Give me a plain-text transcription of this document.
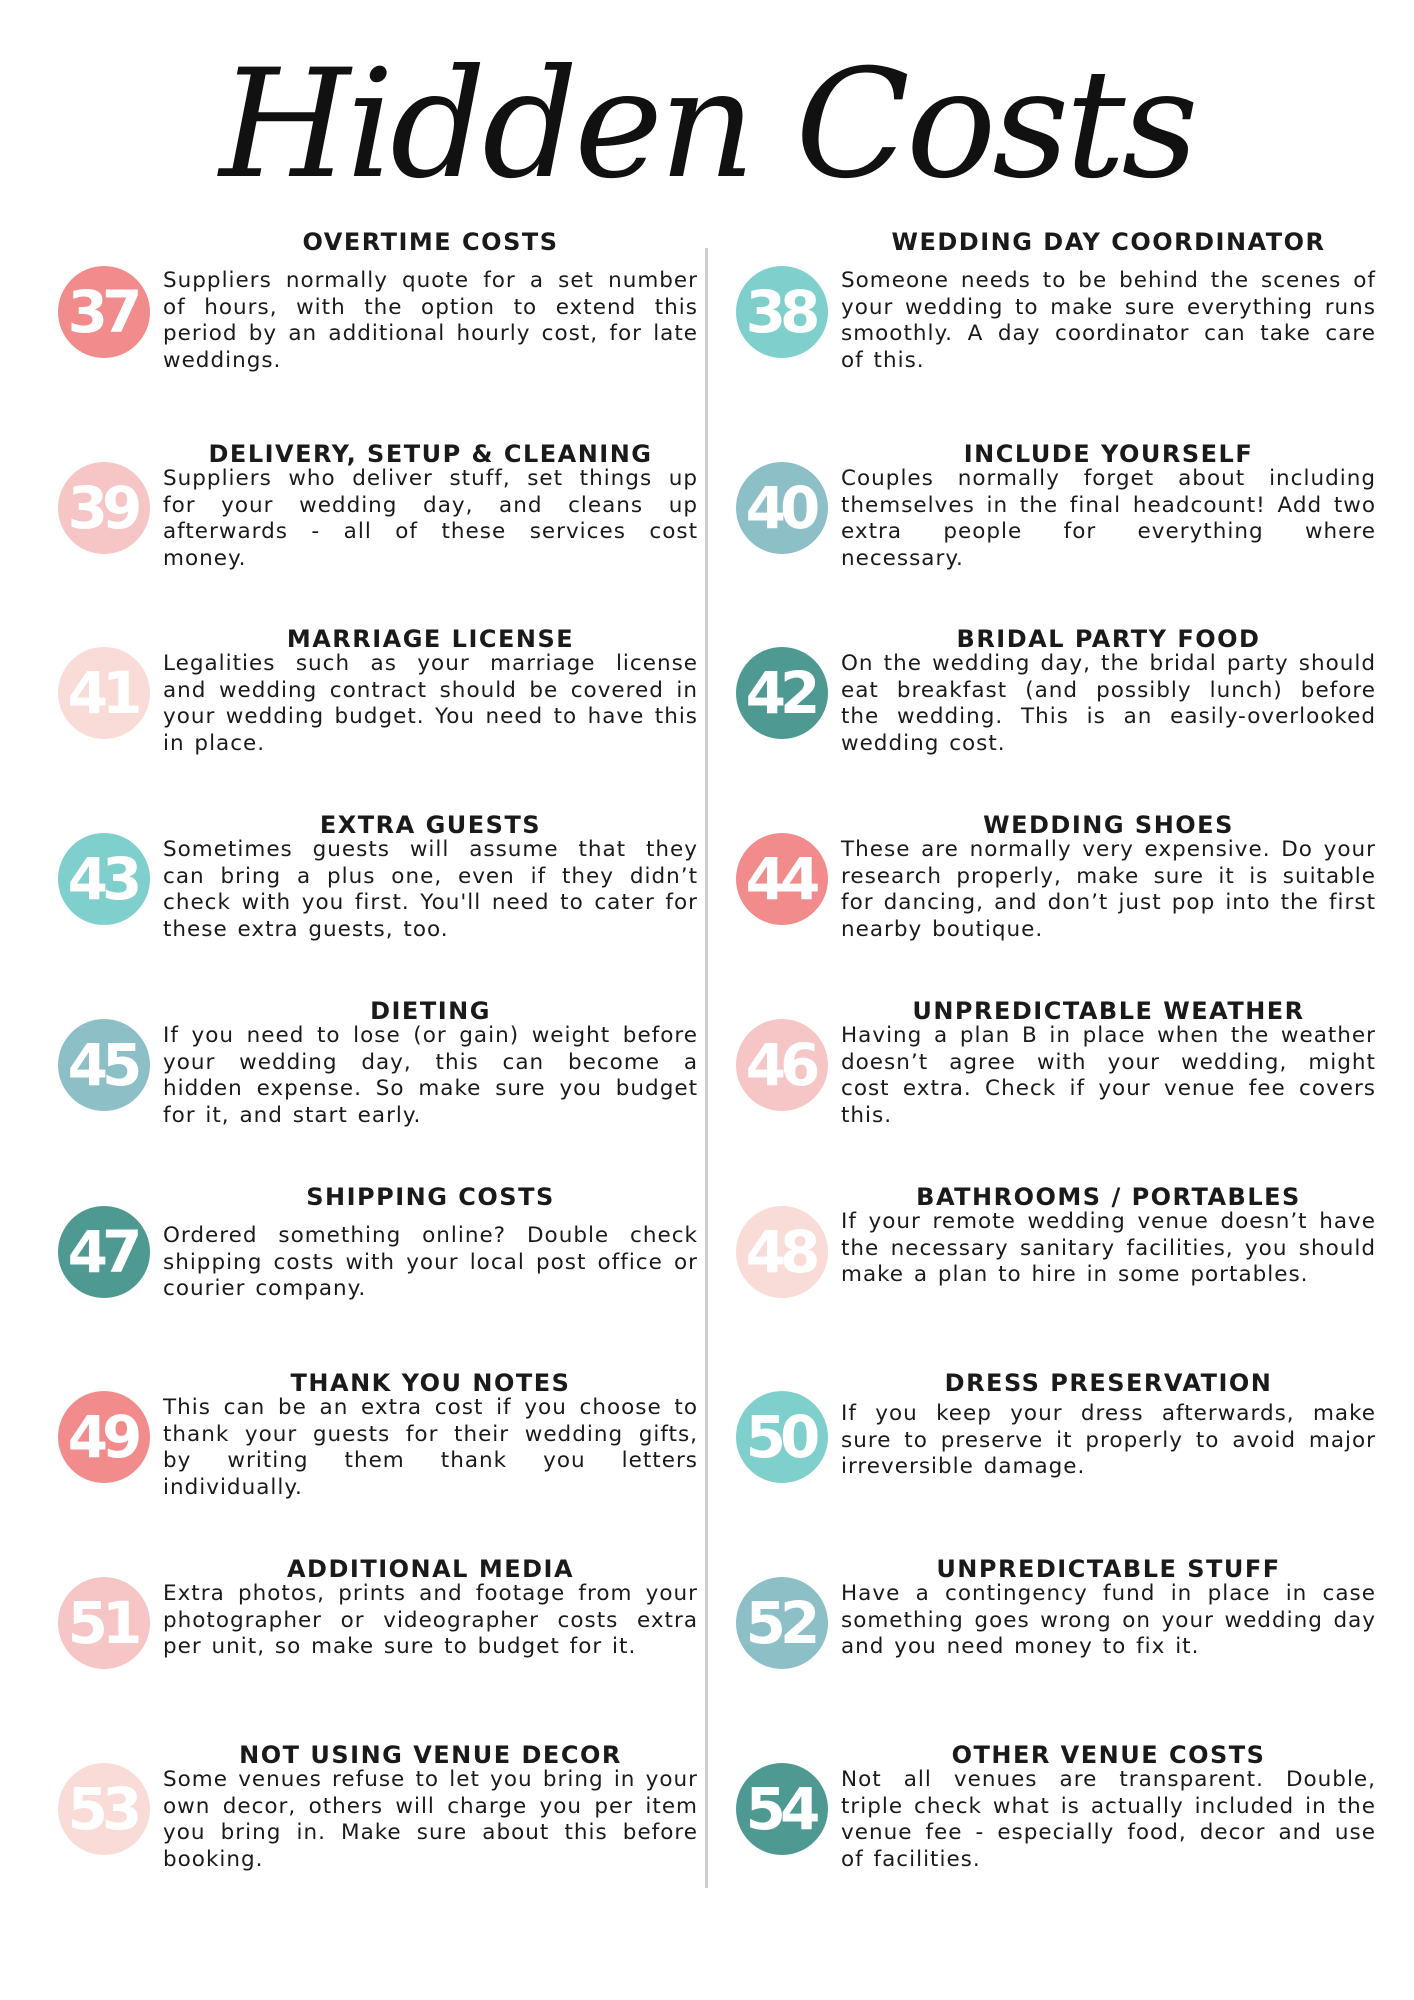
Hidden Costs
37
OVERTIME COSTS

Suppliers normally quote for a set number of hours, with the option to extend this period by an additional hourly cost, for late weddings.

38
WEDDING DAY COORDINATOR

Someone needs to be behind the scenes of your wedding to make sure everything runs smoothly. A day coordinator can take care of this.

39
DELIVERY, SETUP & CLEANING

Suppliers who deliver stuff, set things up for your wedding day, and cleans up afterwards - all of these services cost money.

40
INCLUDE YOURSELF

Couples normally forget about including themselves in the final headcount! Add two extra people for everything where necessary.

41
MARRIAGE LICENSE

Legalities such as your marriage license and wedding contract should be covered in your wedding budget. You need to have this in place.

42
BRIDAL PARTY FOOD

On the wedding day, the bridal party should eat breakfast (and possibly lunch) before the wedding. This is an easily-overlooked wedding cost.

43
EXTRA GUESTS

Sometimes guests will assume that they can bring a plus one, even if they didn’t check with you first. You'll need to cater for these extra guests, too.

44
WEDDING SHOES

These are normally very expensive. Do your research properly, make sure it is suitable for dancing, and don’t just pop into the first nearby boutique.

45
DIETING

If you need to lose (or gain) weight before your wedding day, this can become a hidden expense. So make sure you budget for it, and start early.

46
UNPREDICTABLE WEATHER

Having a plan B in place when the weather doesn’t agree with your wedding, might cost extra. Check if your venue fee covers this.

47
SHIPPING COSTS

Ordered something online? Double check shipping costs with your local post office or courier company.

48
BATHROOMS / PORTABLES

If your remote wedding venue doesn’t have the necessary sanitary facilities, you should make a plan to hire in some portables.

49
THANK YOU NOTES

This can be an extra cost if you choose to thank your guests for their wedding gifts, by writing them thank you letters individually.

50
DRESS PRESERVATION

If you keep your dress afterwards, make sure to preserve it properly to avoid major irreversible damage.

51
ADDITIONAL MEDIA

Extra photos, prints and footage from your photographer or videographer costs extra per unit, so make sure to budget for it.	52
UNPREDICTABLE STUFF

Have a contingency fund in place in case something goes wrong on your wedding day and you need money to fix it.

53
NOT USING VENUE DECOR

Some venues refuse to let you bring in your own decor, others will charge you per item you bring in. Make sure about this before booking.

54
OTHER VENUE COSTS

Not all venues are transparent. Double, triple check what is actually included in the venue fee - especially food, decor and use of facilities.
